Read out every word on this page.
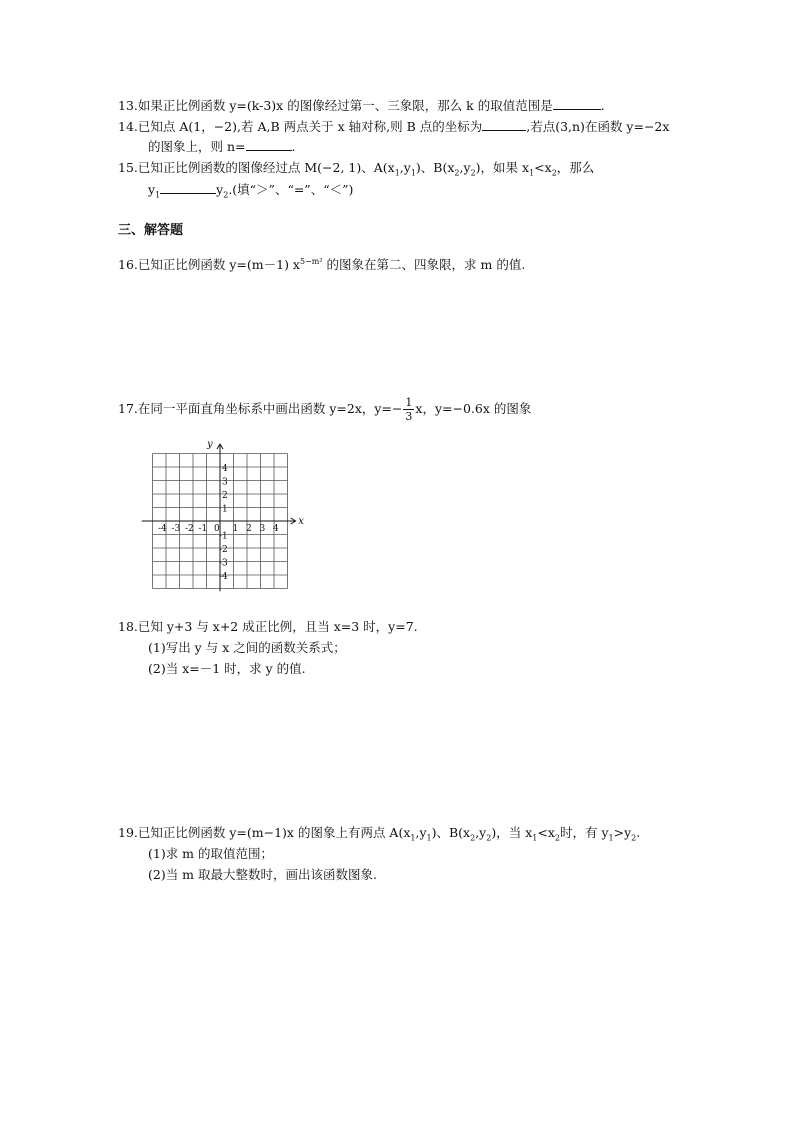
13.如果正比例函数 y=(k-3)x 的图像经过第一、三象限，那么 k 的取值范围是	.
14.已知点 A(1，−2),若 A,B 两点关于 x 轴对称,则 B 点的坐标为	,若点(3,n)在函数 y=−2x
的图象上，则 n=	.
15.已知正比例函数的图像经过点 M(−2, 1)、$A(x_1,y_1)$、$B(x_2,y_2)$，如果 $x_1<x_2$，那么
$y_1$	$y_2$.(填“＞”、“=”、“＜”)
三、解答题
16.已知正比例函数 y=(m－1) $x^{5-m^2}$ 的图象在第二、四象限，求 m 的值.
17.在同一平面直角坐标系中画出函数 y=2x，$y=- \frac{1}{3}$ x，y=−0.6x 的图象
x
y
0
-4 -3 -2 -1	1 2 3 4
4
3
2
1
-1
-2
-3
-4
18.已知 y+3 与 x+2 成正比例，且当 x=3 时，y=7.
(1)写出 y 与 x 之间的函数关系式；
(2)当 x=－1 时，求 y 的值.
19.已知正比例函数 y=(m−1)x 的图象上有两点 $A(x_1,y_1)$、$B(x_2,y_2)$，当 $x_1<x_2$时，有 $y_1>y_2$.
(1)求 m 的取值范围；
(2)当 m 取最大整数时，画出该函数图象.
